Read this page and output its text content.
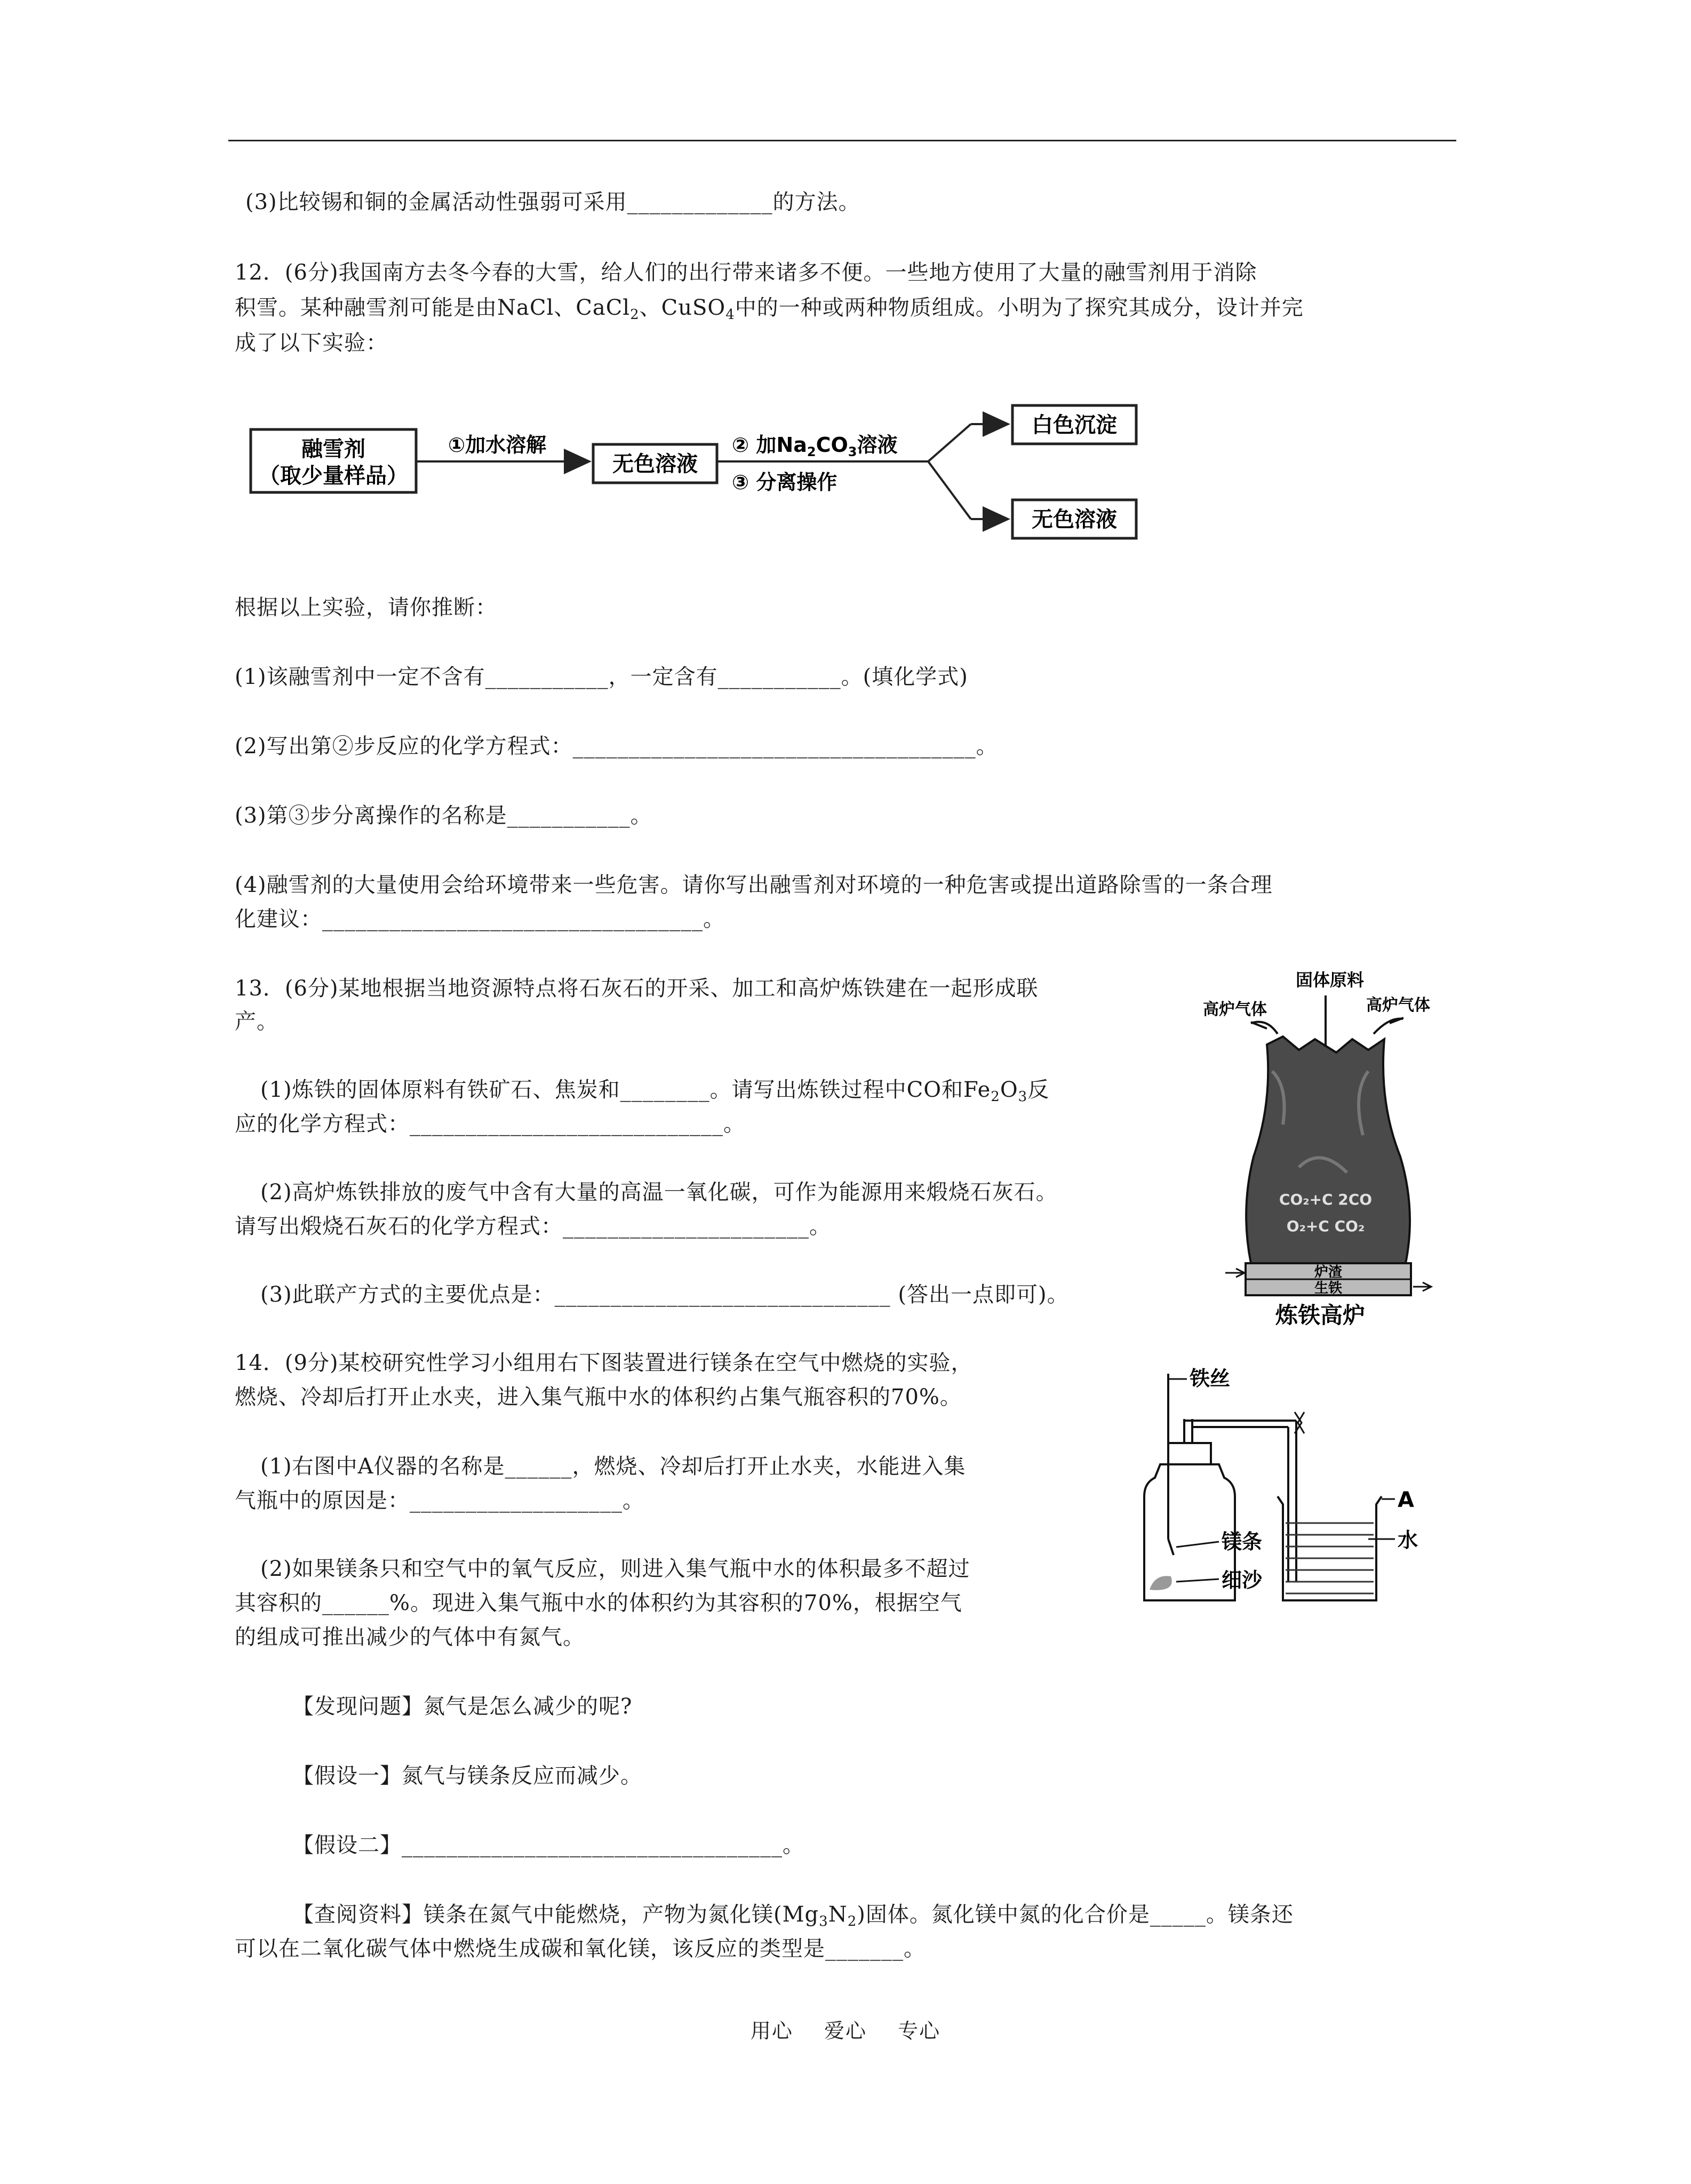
(3)比较锡和铜的金属活动性强弱可采用_____________的方法。
12．(6分)我国南方去冬今春的大雪，给人们的出行带来诸多不便。一些地方使用了大量的融雪剂用于消除
积雪。某种融雪剂可能是由NaCl、CaCl$_2$、CuSO$_4$中的一种或两种物质组成。小明为了探究其成分，设计并完
成了以下实验：
融雪剂
（取少量样品）
①加水溶解
无色溶液
② 加$Na_2CO_3$溶液
③ 分离操作
白色沉淀
无色溶液
根据以上实验，请你推断：
(1)该融雪剂中一定不含有___________，一定含有___________。(填化学式)
(2)写出第②步反应的化学方程式：____________________________________。
(3)第③步分离操作的名称是___________。
(4)融雪剂的大量使用会给环境带来一些危害。请你写出融雪剂对环境的一种危害或提出道路除雪的一条合理
化建议：__________________________________。
13．(6分)某地根据当地资源特点将石灰石的开采、加工和高炉炼铁建在一起形成联
产。
(1)炼铁的固体原料有铁矿石、焦炭和________。请写出炼铁过程中CO和$Fe_2O_3$反
应的化学方程式：____________________________。
(2)高炉炼铁排放的废气中含有大量的高温一氧化碳，可作为能源用来煅烧石灰石。
请写出煅烧石灰石的化学方程式：______________________。
(3)此联产方式的主要优点是：______________________________ (答出一点即可)。
固体原料
高炉气体	高炉气体
CO₂+C 2CO
O₂+C CO₂
炉渣
生铁
炼铁高炉
14．(9分)某校研究性学习小组用右下图装置进行镁条在空气中燃烧的实验，
燃烧、冷却后打开止水夹，进入集气瓶中水的体积约占集气瓶容积的70%。
(1)右图中A仪器的名称是______，燃烧、冷却后打开止水夹，水能进入集
气瓶中的原因是：___________________。
(2)如果镁条只和空气中的氧气反应，则进入集气瓶中水的体积最多不超过
其容积的______%。现进入集气瓶中水的体积约为其容积的70%，根据空气
的组成可推出减少的气体中有氮气。
【发现问题】氮气是怎么减少的呢?
【假设一】氮气与镁条反应而减少。
【假设二】__________________________________。
【查阅资料】镁条在氮气中能燃烧，产物为氮化镁$(Mg_3N_2)$固体。氮化镁中氮的化合价是_____。镁条还
可以在二氧化碳气体中燃烧生成碳和氧化镁，该反应的类型是_______。
铁丝
镁条
细沙
A
水
用心 爱心 专心
